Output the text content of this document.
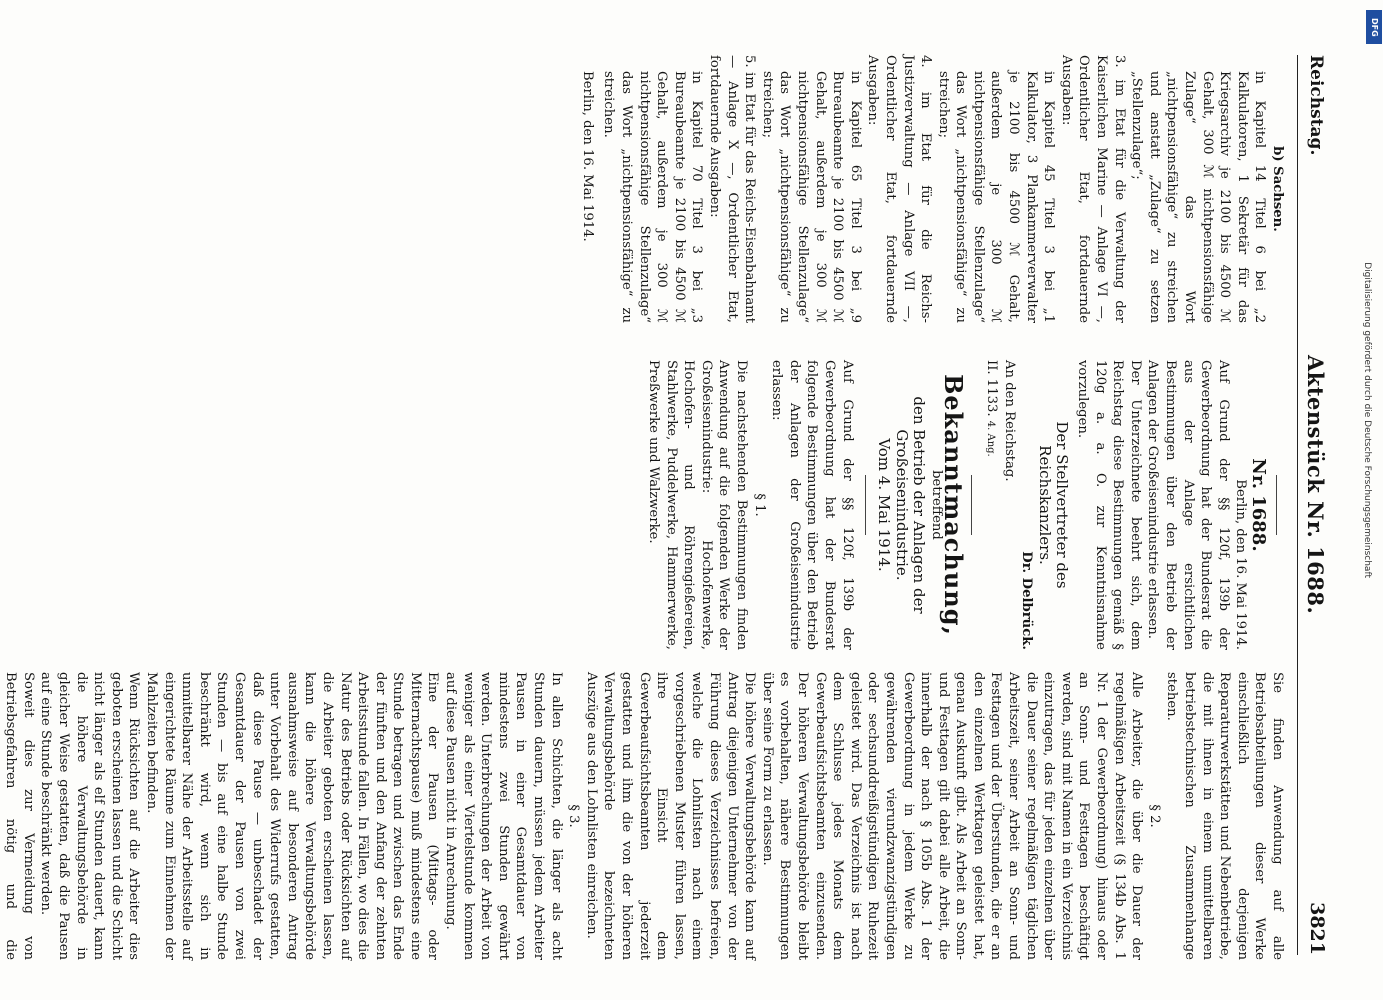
Reichstag.
Aktenstück Nr. 1688.
3821

b) Sachsen.

in Kapitel 14 Titel 6 bei „2 Kalkulatoren, 1 Sekretär für das Kriegsarchiv je 2100 bis 4500 ℳ Gehalt, 300 ℳ nichtpensionsfähige Zulage“ das Wort „nichtpensionsfähige“ zu streichen und anstatt „Zulage“ zu setzen „Stellenzulage“;

3. im Etat für die Verwaltung der Kaiserlichen Marine — Anlage VI —, Ordentlicher Etat, fortdauernde Ausgaben:

in Kapitel 45 Titel 3 bei „1 Kalkulator, 3 Plankammerverwalter je 2100 bis 4500 ℳ Gehalt, außerdem je 300 ℳ nichtpensionsfähige Stellenzulage“ das Wort „nichtpensionsfähige“ zu streichen;

4. im Etat für die Reichs-Justizverwaltung — Anlage VII —, Ordentlicher Etat, fortdauernde Ausgaben:

in Kapitel 65 Titel 3 bei „9 Bureaubeamte je 2100 bis 4500 ℳ Gehalt, außerdem je 300 ℳ nichtpensionsfähige Stellenzulage“ das Wort „nichtpensionsfähige“ zu streichen;

5. im Etat für das Reichs-Eisenbahnamt — Anlage X —, Ordentlicher Etat, fortdauernde Ausgaben:

in Kapitel 70 Titel 3 bei „3 Bureaubeamte je 2100 bis 4500 ℳ Gehalt, außerdem je 300 ℳ nichtpensionsfähige Stellenzulage“ das Wort „nichtpensionsfähige“ zu streichen.

Berlin, den 16. Mai 1914.

Nr. 1688.

Berlin, den 16. Mai 1914.

Auf Grund der §§ 120f, 139b der Gewerbeordnung hat der Bundesrat die aus der Anlage ersichtlichen Bestimmungen über den Betrieb der Anlagen der Großeisenindustrie erlassen.

Der Unterzeichnete beehrt sich, dem Reichstag diese Bestimmungen gemäß § 120g a. a. O. zur Kenntnisnahme vorzulegen.

Der Stellvertreter des Reichskanzlers.

Dr. Delbrück.

An den Reichstag.

II. 1133. 4. Ang.

Bekanntmachung,

betreffend

den Betrieb der Anlagen der Großeisenindustrie.

Vom 4. Mai 1914.

Auf Grund der §§ 120f, 139b der Gewerbeordnung hat der Bundesrat folgende Bestimmungen über den Betrieb der Anlagen der Großeisenindustrie erlassen:

§ 1.

Die nachstehenden Bestimmungen finden Anwendung auf die folgenden Werke der Großeisenindustrie: Hochofenwerke, Hochofen- und Röhrengießereien, Stahlwerke, Puddelwerke, Hammerwerke, Preßwerke und Walzwerke.

Sie finden Anwendung auf alle Betriebsabteilungen dieser Werke einschließlich derjenigen Reparaturwerkstätten und Nebenbetriebe, die mit ihnen in einem unmittelbaren betriebstechnischen Zusammenhange stehen.

§ 2.

Alle Arbeiter, die über die Dauer der regelmäßigen Arbeitszeit (§ 134b Abs. 1 Nr. 1 der Gewerbeordnung) hinaus oder an Sonn- und Festtagen beschäftigt werden, sind mit Namen in ein Verzeichnis einzutragen, das für jeden einzelnen über die Dauer seiner regelmäßigen täglichen Arbeitszeit, seiner Arbeit an Sonn- und Festtagen und der Überstunden, die er an den einzelnen Werktagen geleistet hat, genau Auskunft gibt. Als Arbeit an Sonn- und Festtagen gilt dabei alle Arbeit, die innerhalb der nach § 105b Abs. 1 der Gewerbeordnung in jedem Werke zu gewährenden vierundzwanzigstündigen oder sechsunddreißigstündigen Ruhezeit geleistet wird. Das Verzeichnis ist nach dem Schlusse jedes Monats dem Gewerbeaufsichtsbeamten einzusenden. Der höheren Verwaltungsbehörde bleibt es vorbehalten, nähere Bestimmungen über seine Form zu erlassen.

Die höhere Verwaltungsbehörde kann auf Antrag diejenigen Unternehmer von der Führung dieses Verzeichnisses befreien, welche die Lohnlisten nach einem vorgeschriebenen Muster führen lassen, ihre Einsicht dem Gewerbeaufsichtsbeamten jederzeit gestatten und ihm die von der höheren Verwaltungsbehörde bezeichneten Auszüge aus den Lohnlisten einreichen.

§ 3.

In allen Schichten, die länger als acht Stunden dauern, müssen jedem Arbeiter Pausen in einer Gesamtdauer von mindestens zwei Stunden gewährt werden. Unterbrechungen der Arbeit von weniger als einer Viertelstunde kommen auf diese Pausen nicht in Anrechnung.

Eine der Pausen (Mittags- oder Mitternachtspause) muß mindestens eine Stunde betragen und zwischen das Ende der fünften und den Anfang der zehnten Arbeitsstunde fallen. In Fällen, wo dies die Natur des Betriebs oder Rücksichten auf die Arbeiter geboten erscheinen lassen, kann die höhere Verwaltungsbehörde ausnahmsweise auf besonderen Antrag unter Vorbehalt des Widerrufs gestatten, daß diese Pause — unbeschadet der Gesamtdauer der Pausen von zwei Stunden — bis auf eine halbe Stunde beschränkt wird, wenn sich in unmittelbarer Nähe der Arbeitsstelle auf eingerichtete Räume zum Einnehmen der Mahlzeiten befinden.

Wenn Rücksichten auf die Arbeiter dies geboten erscheinen lassen und die Schicht nicht länger als elf Stunden dauert, kann die höhere Verwaltungsbehörde in gleicher Weise gestatten, daß die Pausen auf eine Stunde beschränkt werden.

Soweit dies zur Vermeidung von Betriebsgefahren nötig und die

Digitalisierung gefördert durch die Deutsche Forschungsgemeinschaft
DFG
